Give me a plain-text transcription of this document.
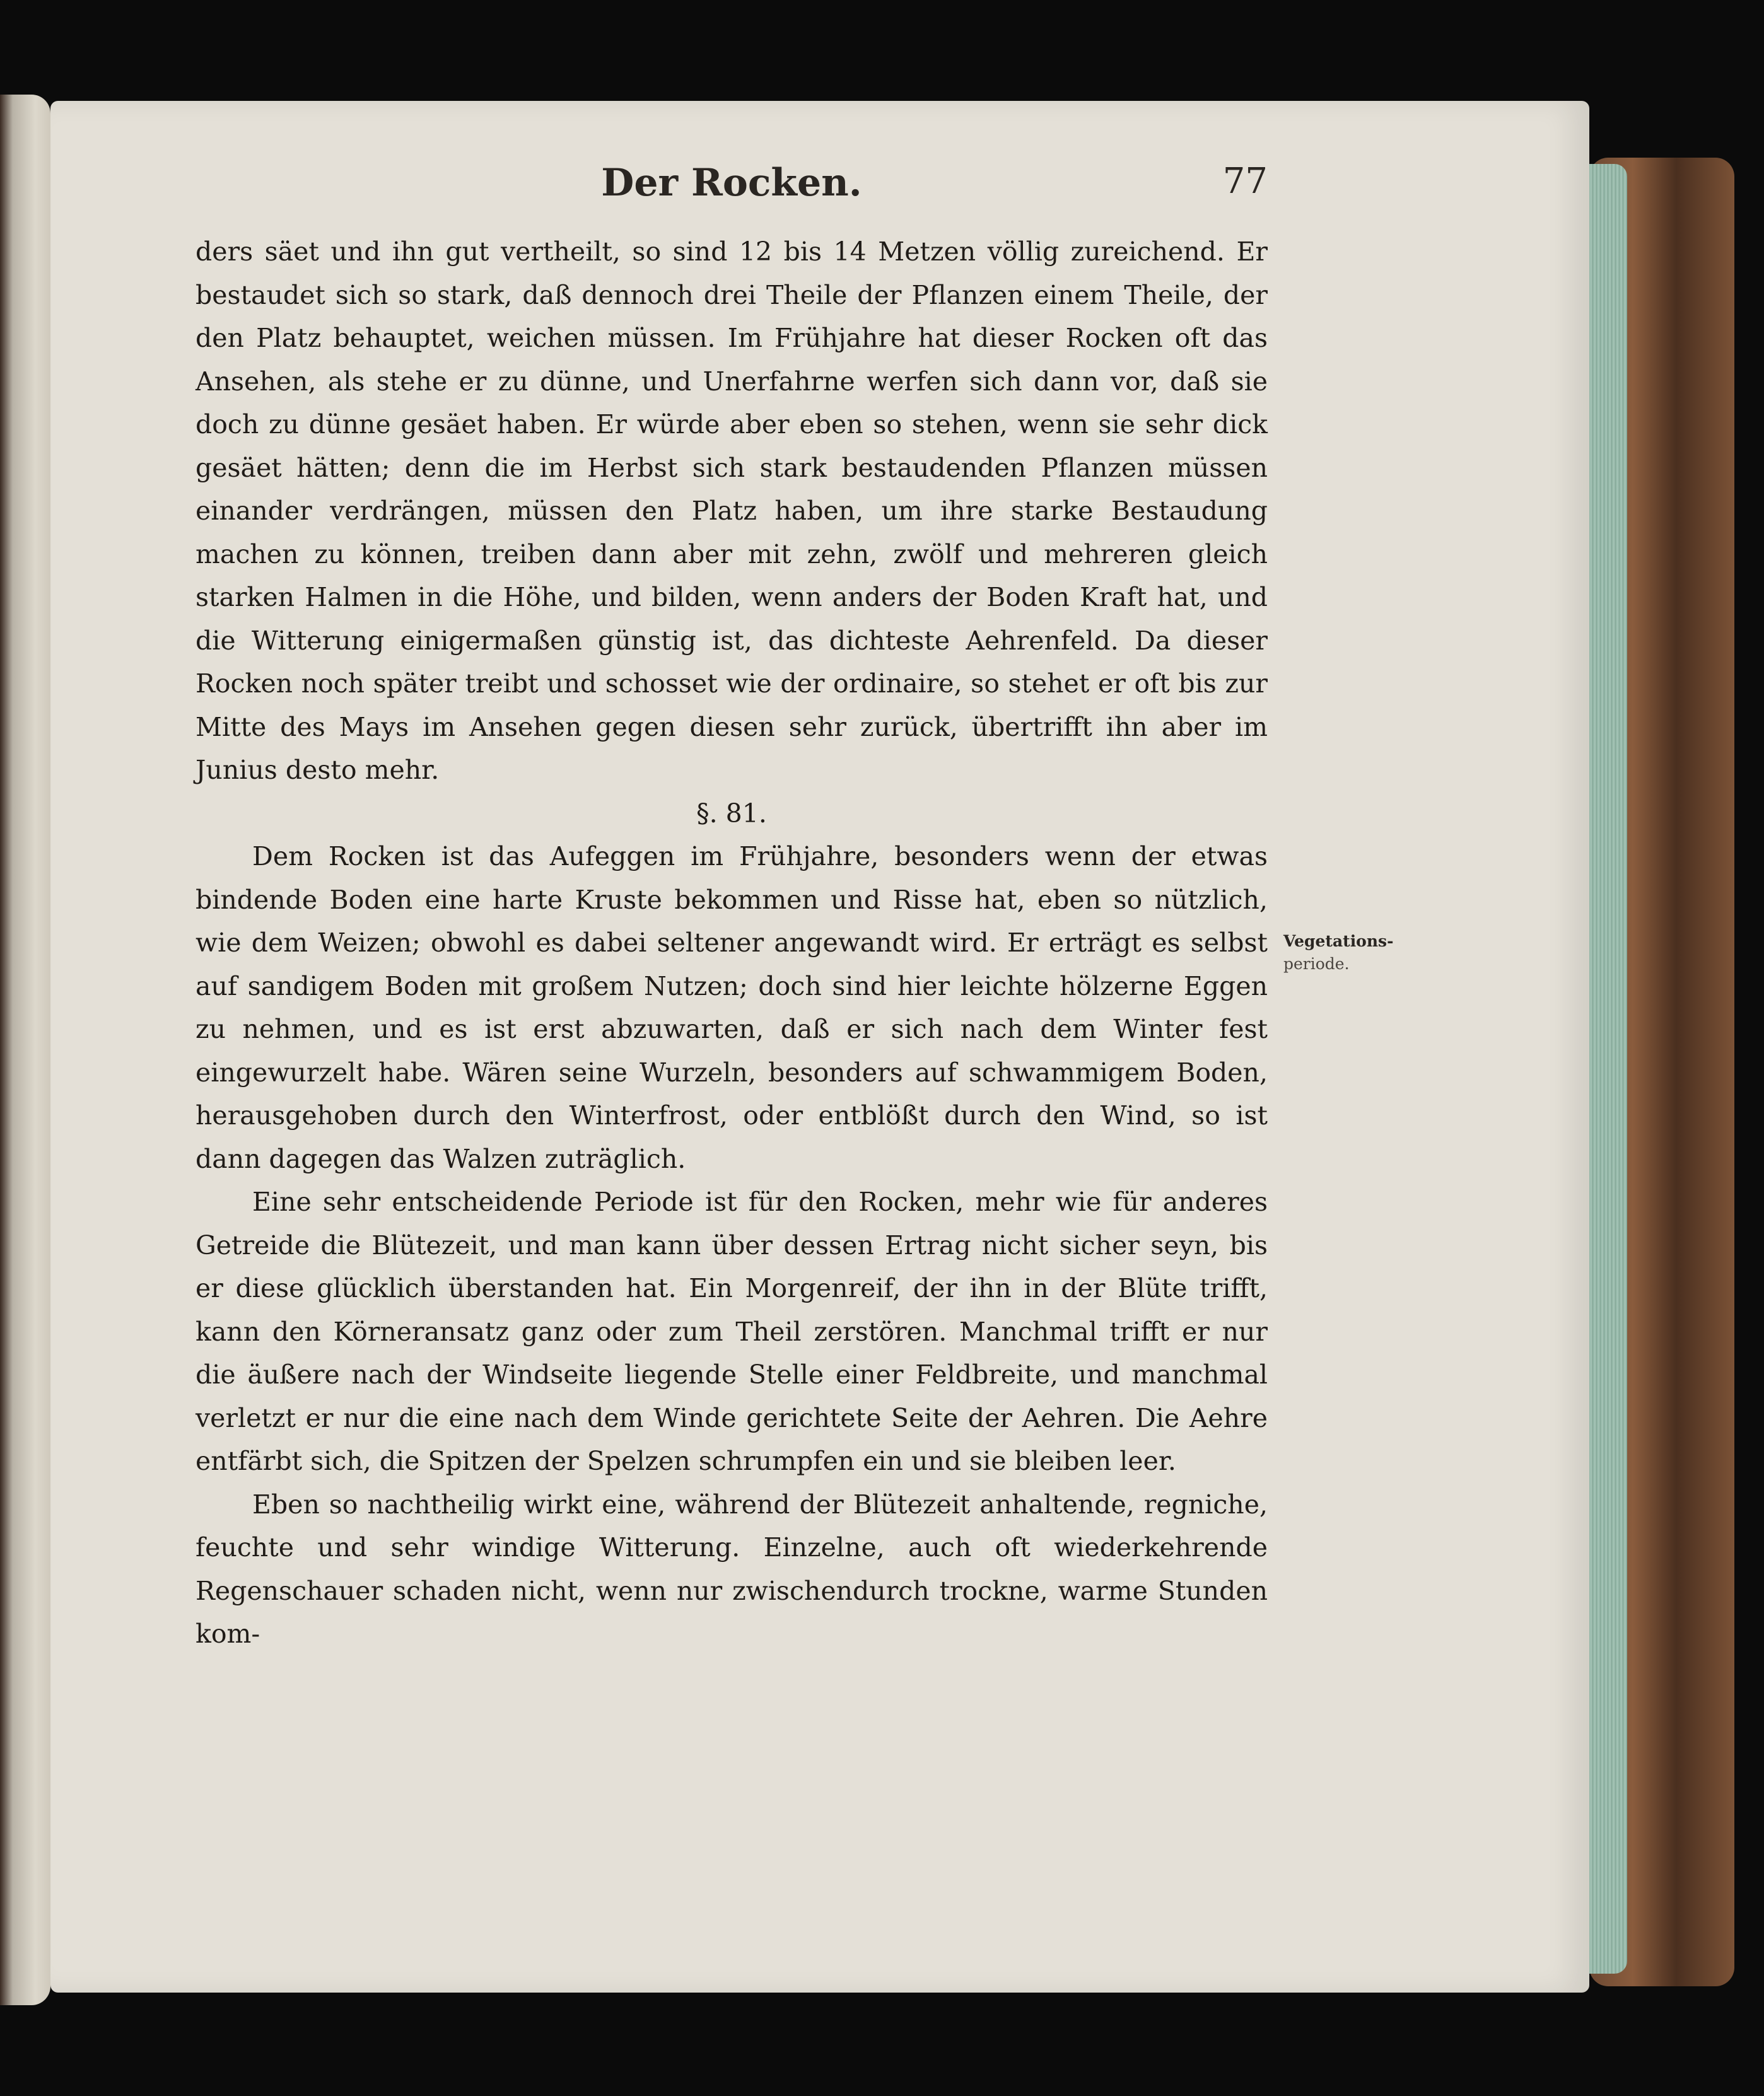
Der Rocken.	77

ders säet und ihn gut vertheilt, so sind 12 bis 14 Metzen völlig zureichend. Er bestaudet sich so stark, daß dennoch drei Theile der Pflanzen einem Theile, der den Platz behauptet, weichen müssen. Im Frühjahre hat dieser Rocken oft das Ansehen, als stehe er zu dünne, und Unerfahrne werfen sich dann vor, daß sie doch zu dünne gesäet haben. Er würde aber eben so stehen, wenn sie sehr dick gesäet hätten; denn die im Herbst sich stark bestaudenden Pflanzen müssen einander verdrängen, müssen den Platz haben, um ihre starke Bestaudung machen zu können, treiben dann aber mit zehn, zwölf und mehreren gleich starken Halmen in die Höhe, und bilden, wenn anders der Boden Kraft hat, und die Witterung einigermaßen günstig ist, das dichteste Aehrenfeld. Da dieser Rocken noch später treibt und schosset wie der ordinaire, so stehet er oft bis zur Mitte des Mays im Ansehen gegen diesen sehr zurück, übertrifft ihn aber im Junius desto mehr.

§. 81.

Dem Rocken ist das Aufeggen im Frühjahre, besonders wenn der etwas bindende Boden eine harte Kruste bekommen und Risse hat, eben so nützlich, wie dem Weizen; obwohl es dabei seltener angewandt wird. Er erträgt es selbst auf sandigem Boden mit großem Nutzen; doch sind hier leichte hölzerne Eggen zu nehmen, und es ist erst abzuwarten, daß er sich nach dem Winter fest eingewurzelt habe. Wären seine Wurzeln, besonders auf schwammigem Boden, herausgehoben durch den Winterfrost, oder entblößt durch den Wind, so ist dann dagegen das Walzen zuträglich.

Eine sehr entscheidende Periode ist für den Rocken, mehr wie für anderes Getreide die Blütezeit, und man kann über dessen Ertrag nicht sicher seyn, bis er diese glücklich überstanden hat. Ein Morgenreif, der ihn in der Blüte trifft, kann den Körneransatz ganz oder zum Theil zerstören. Manchmal trifft er nur die äußere nach der Windseite liegende Stelle einer Feldbreite, und manchmal verletzt er nur die eine nach dem Winde gerichtete Seite der Aehren. Die Aehre entfärbt sich, die Spitzen der Spelzen schrumpfen ein und sie bleiben leer.

Eben so nachtheilig wirkt eine, während der Blütezeit anhaltende, regniche, feuchte und sehr windige Witterung. Einzelne, auch oft wiederkehrende Regenschauer schaden nicht, wenn nur zwischendurch trockne, warme Stunden kom-

Vegetations-
periode.
